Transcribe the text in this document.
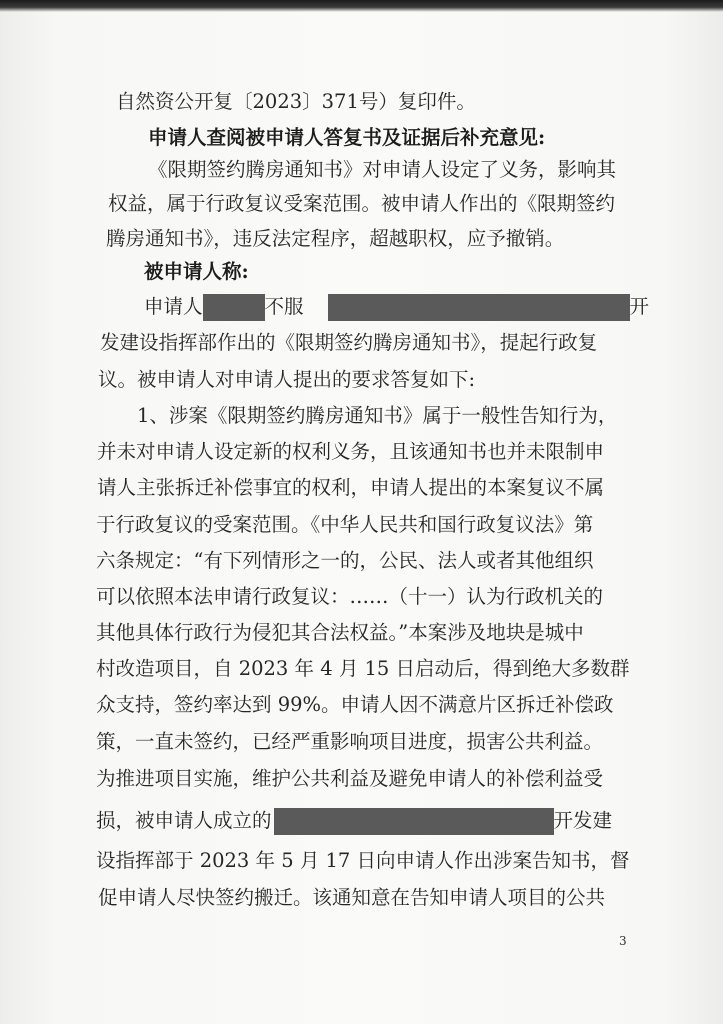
自然资公开复〔2023〕371号）复印件。
申请人查阅被申请人答复书及证据后补充意见:
《限期签约腾房通知书》对申请人设定了义务，影响其
权益，属于行政复议受案范围。被申请人作出的《限期签约
腾房通知书》，违反法定程序，超越职权，应予撤销。
被申请人称:
申请人	不服	开
发建设指挥部作出的《限期签约腾房通知书》，提起行政复
议。被申请人对申请人提出的要求答复如下:
1、涉案《限期签约腾房通知书》属于一般性告知行为，
并未对申请人设定新的权利义务，且该通知书也并未限制申
请人主张拆迁补偿事宜的权利，申请人提出的本案复议不属
于行政复议的受案范围。《中华人民共和国行政复议法》第
六条规定：“有下列情形之一的，公民、法人或者其他组织
可以依照本法申请行政复议：……（十一）认为行政机关的
其他具体行政行为侵犯其合法权益。”本案涉及地块是城中
村改造项目，自 2023 年 4 月 15 日启动后，得到绝大多数群
众支持，签约率达到 99%。申请人因不满意片区拆迁补偿政
策，一直未签约，已经严重影响项目进度，损害公共利益。
为推进项目实施，维护公共利益及避免申请人的补偿利益受
损，被申请人成立的	开发建
设指挥部于 2023 年 5 月 17 日向申请人作出涉案告知书，督
促申请人尽快签约搬迁。该通知意在告知申请人项目的公共
3
